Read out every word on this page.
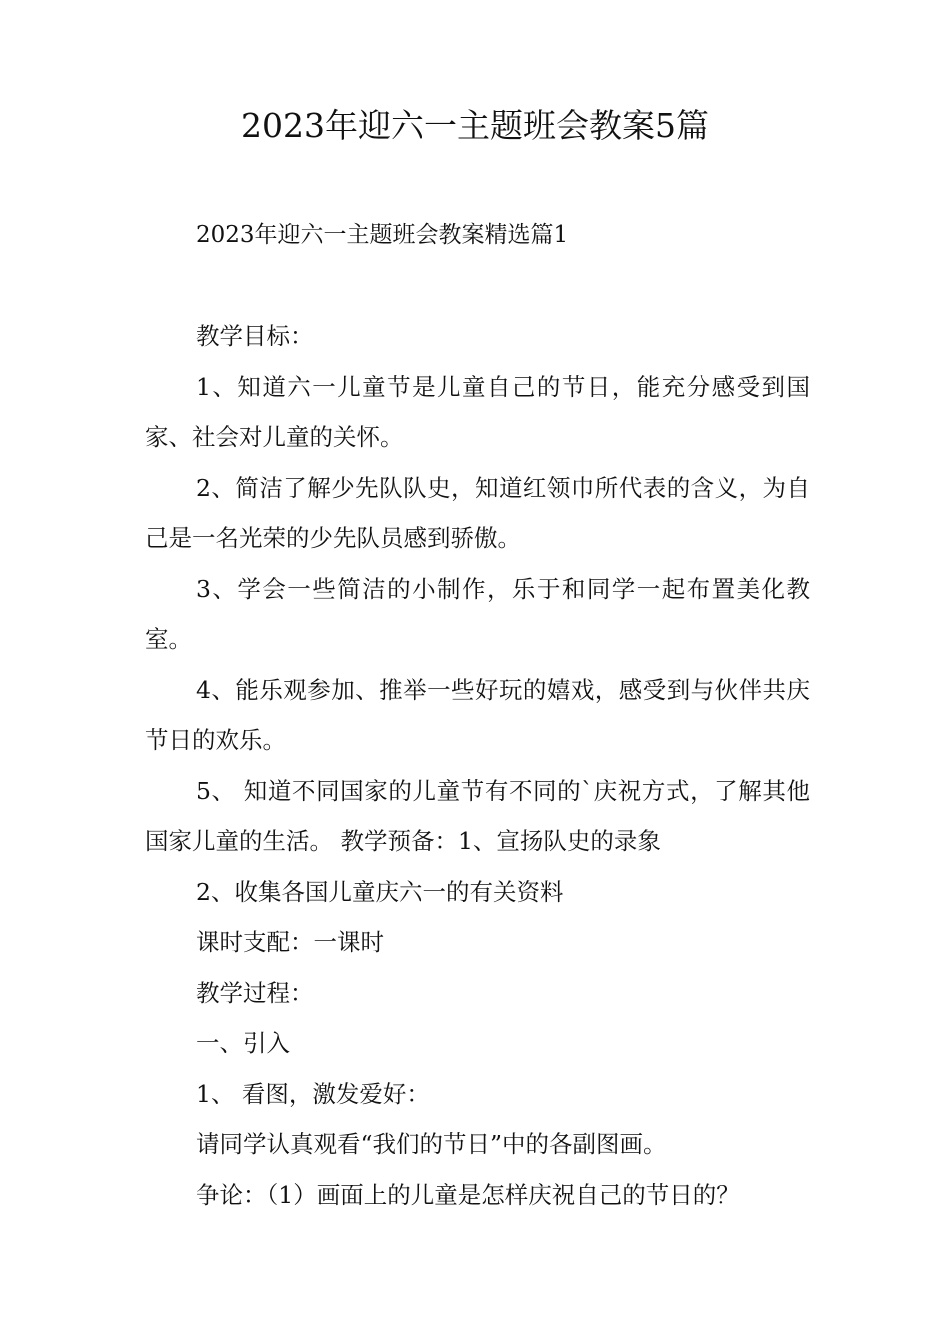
2023年迎六一主题班会教案5篇
2023年迎六一主题班会教案精选篇1

教学目标：

1、知道六一儿童节是儿童自己的节日，能充分感受到国家、社会对儿童的关怀。

2、简洁了解少先队队史，知道红领巾所代表的含义，为自己是一名光荣的少先队员感到骄傲。

3、学会一些简洁的小制作，乐于和同学一起布置美化教室。

4、能乐观参加、推举一些好玩的嬉戏，感受到与伙伴共庆节日的欢乐。

5、 知道不同国家的儿童节有不同的`庆祝方式，了解其他国家儿童的生活。 教学预备：1、宣扬队史的录象

2、收集各国儿童庆六一的有关资料

课时支配：一课时

教学过程：

一、引入

1、 看图，激发爱好：

请同学认真观看“我们的节日”中的各副图画。

争论：（1）画面上的儿童是怎样庆祝自己的节日的？
